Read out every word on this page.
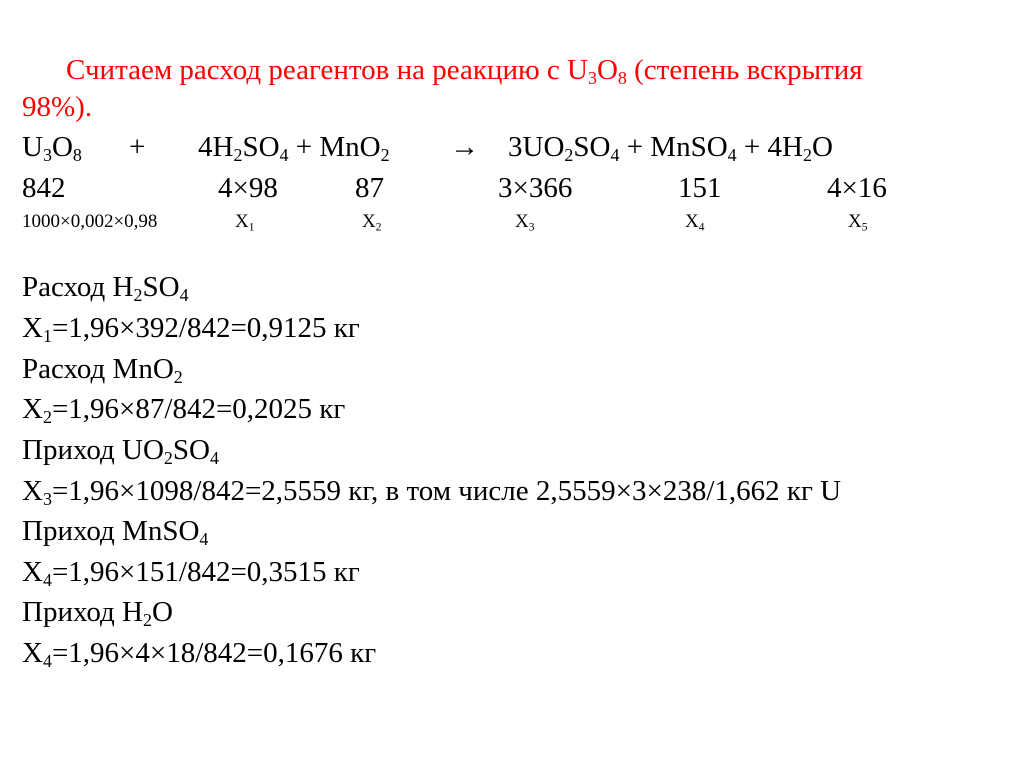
Считаем расход реагентов на реакцию с $U_3O_8$ (степень вскрытия
98%).
$U_3O_8 + 4H_2SO_4 + MnO_2 \to 3UO_2SO_4$ + MnSO$_4$ + $4H_2O$
842	4×98	87	3×366	151	4×16
1000×0,002×0,98	$X_1$	$X_2$	$X_3$	$X_4$	$X_5$
Расход $H_2SO_4$
$X_1=1,96\times 392/842=0,9125$ кг
Расход MnO$_2$
$X_2=1,96\times 87/842=0,2025$ кг
Приход $UO_2SO_4$
$X_3=1,96\times 1098/842=2,5559$ кг, в том числе 2,5559×3×238/1,662 кг U
Приход MnSO$_4$
$X_4=1,96\times 151/842=0,3515$ кг
Приход $H_2O$
$X_4=1,96\times 4\times 18/842=0,1676$ кг
